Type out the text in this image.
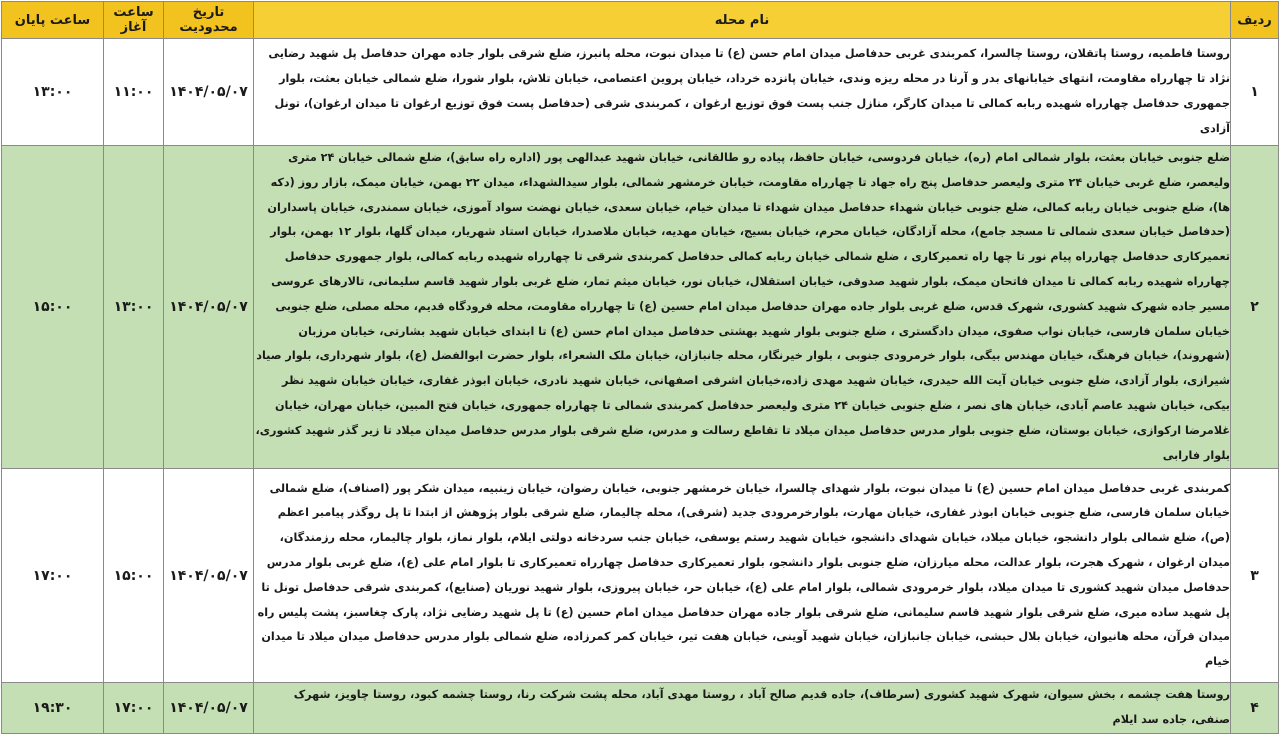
ردیف	نام محله	تاریخ محدودیت	ساعت آغاز	ساعت پایان
۱	روستا فاطمیه، روستا پاتقلان، روستا چالسرا، کمربندی غربی حدفاصل میدان امام حسن (ع) تا میدان نبوت، محله پانبرز، ضلع شرقی بلوار جاده مهران حدفاصل پل شهید رضایی نژاد تا چهارراه مقاومت، انتهای خیابانهای بدر و آرنا در محله ریزه وندی، خیابان پانزده خرداد، خیابان پروین اعتصامی، خیابان تلاش، بلوار شورا، ضلع شمالی خیابان بعثت، بلوار جمهوری حدفاصل چهارراه شهیده ربابه کمالی تا میدان کارگر، منازل جنب پست فوق توزیع ارغوان ، کمربندی شرقی (حدفاصل پست فوق توزیع ارغوان تا میدان ارغوان)، تونل آزادی	۱۴۰۴/۰۵/۰۷	۱۱:۰۰	۱۳:۰۰
۲	ضلع جنوبی خیابان بعثت، بلوار شمالی امام (ره)، خیابان فردوسی، خیابان حافظ، پیاده رو طالقانی، خیابان شهید عبدالهی پور (اداره راه سابق)، ضلع شمالی خیابان ۲۴ متری ولیعصر، ضلع غربی خیابان ۲۴ متری ولیعصر حدفاصل پنج راه جهاد تا چهارراه مقاومت، خیابان خرمشهر شمالی، بلوار سیدالشهداء، میدان ۲۲ بهمن، خیابان میمک، بازار روز (دکه ها)، ضلع جنوبی خیابان ربابه کمالی، ضلع جنوبی خیابان شهداء حدفاصل میدان شهداء تا میدان خیام، خیابان سعدی، خیابان نهضت سواد آموزی، خیابان سمندری، خیابان پاسداران (حدفاصل خیابان سعدی شمالی تا مسجد جامع)، محله آزادگان، خیابان محرم، خیابان بسیج، خیابان مهدیه، خیابان ملاصدرا، خیابان استاد شهریار، میدان گلها، بلوار ۱۲ بهمن، بلوار تعمیرکاری حدفاصل چهارراه پیام نور تا چها راه تعمیرکاری ، ضلع شمالی خیابان ربابه کمالی حدفاصل کمربندی شرقی تا چهارراه شهیده ربابه کمالی، بلوار جمهوری حدفاصل چهارراه شهیده ربابه کمالی تا میدان فاتحان میمک، بلوار شهید صدوقی، خیابان استقلال، خیابان نور، خیابان میثم تمار، ضلع غربی بلوار شهید قاسم سلیمانی، تالارهای عروسی مسیر جاده شهرک شهید کشوری، شهرک قدس، ضلع غربی بلوار جاده مهران حدفاصل میدان امام حسین (ع) تا چهارراه مقاومت، محله فرودگاه قدیم، محله مصلی، ضلع جنوبی خیابان سلمان فارسی، خیابان نواب صفوی، میدان دادگستری ، ضلع جنوبی بلوار شهید بهشتی حدفاصل میدان امام حسن (ع) تا ابتدای خیابان شهید بشارتی، خیابان مرزبان (شهروند)، خیابان فرهنگ، خیابان مهندس بیگی، بلوار خرمرودی جنوبی ، بلوار خیرنگار، محله جانبازان، خیابان ملک الشعراء، بلوار حضرت ابوالفضل (ع)، بلوار شهرداری، بلوار صیاد شیرازی، بلوار آزادی، ضلع جنوبی خیابان آیت الله حیدری، خیابان شهید مهدی زاده،خیابان اشرفی اصفهانی، خیابان شهید نادری، خیابان ابوذر غفاری، خیابان خیابان شهید نظر بیکی، خیابان شهید عاصم آبادی، خیابان های نصر ، ضلع جنوبی خیابان ۲۴ متری ولیعصر حدفاصل کمربندی شمالی تا چهارراه جمهوری، خیابان فتح المبین، خیابان مهران، خیابان غلامرضا ارکوازی، خیابان بوستان، ضلع جنوبی بلوار مدرس حدفاصل میدان میلاد تا تقاطع رسالت و مدرس، ضلع شرقی بلوار مدرس حدفاصل میدان میلاد تا زیر گذر شهید کشوری، بلوار فارابی	۱۴۰۴/۰۵/۰۷	۱۳:۰۰	۱۵:۰۰
۳	کمربندی غربی حدفاصل میدان امام حسین (ع) تا میدان نبوت، بلوار شهدای چالسرا، خیابان خرمشهر جنوبی، خیابان رضوان، خیابان زینبیه، میدان شکر پور (اصناف)، ضلع شمالی خیابان سلمان فارسی، ضلع جنوبی خیابان ابوذر غفاری، خیابان مهارت، بلوارخرمرودی جدید (شرقی)، محله چالیمار، ضلع شرقی بلوار پژوهش از ابتدا تا پل روگذر پیامبر اعظم (ص)، ضلع شمالی بلوار دانشجو، خیابان میلاد، خیابان شهدای دانشجو، خیابان شهید رستم یوسفی، خیابان جنب سردخانه دولتی ایلام، بلوار نماز، بلوار چالیمار، محله رزمندگان، میدان ارغوان ، شهرک هجرت، بلوار عدالت، محله میارزان، ضلع جنوبی بلوار دانشجو، بلوار تعمیرکاری حدفاصل چهارراه تعمیرکاری تا بلوار امام علی (ع)، ضلع غربی بلوار مدرس حدفاصل میدان شهید کشوری تا میدان میلاد، بلوار خرمرودی شمالی، بلوار امام علی (ع)، خیابان حر، خیابان پیروزی، بلوار شهید نوریان (صنایع)، کمربندی شرقی حدفاصل تونل تا پل شهید ساده میری، ضلع شرقی بلوار شهید قاسم سلیمانی، ضلع شرقی بلوار جاده مهران حدفاصل میدان امام حسین (ع) تا پل شهید رضایی نژاد، پارک چغاسبز، پشت پلیس راه میدان قرآن، محله هانیوان، خیابان بلال حبشی، خیابان جانبازان، خیابان شهید آوینی، خیابان هفت تیر، خیابان کمر کمرزاده، ضلع شمالی بلوار مدرس حدفاصل میدان میلاد تا میدان خیام	۱۴۰۴/۰۵/۰۷	۱۵:۰۰	۱۷:۰۰
۴	روستا هفت چشمه ، بخش سیوان، شهرک شهید کشوری (سرطاف)، جاده قدیم صالح آباد ، روستا مهدی آباد، محله پشت شرکت رنا، روستا چشمه کبود، روستا چاویز، شهرک صنفی، جاده سد ایلام	۱۴۰۴/۰۵/۰۷	۱۷:۰۰	۱۹:۳۰
